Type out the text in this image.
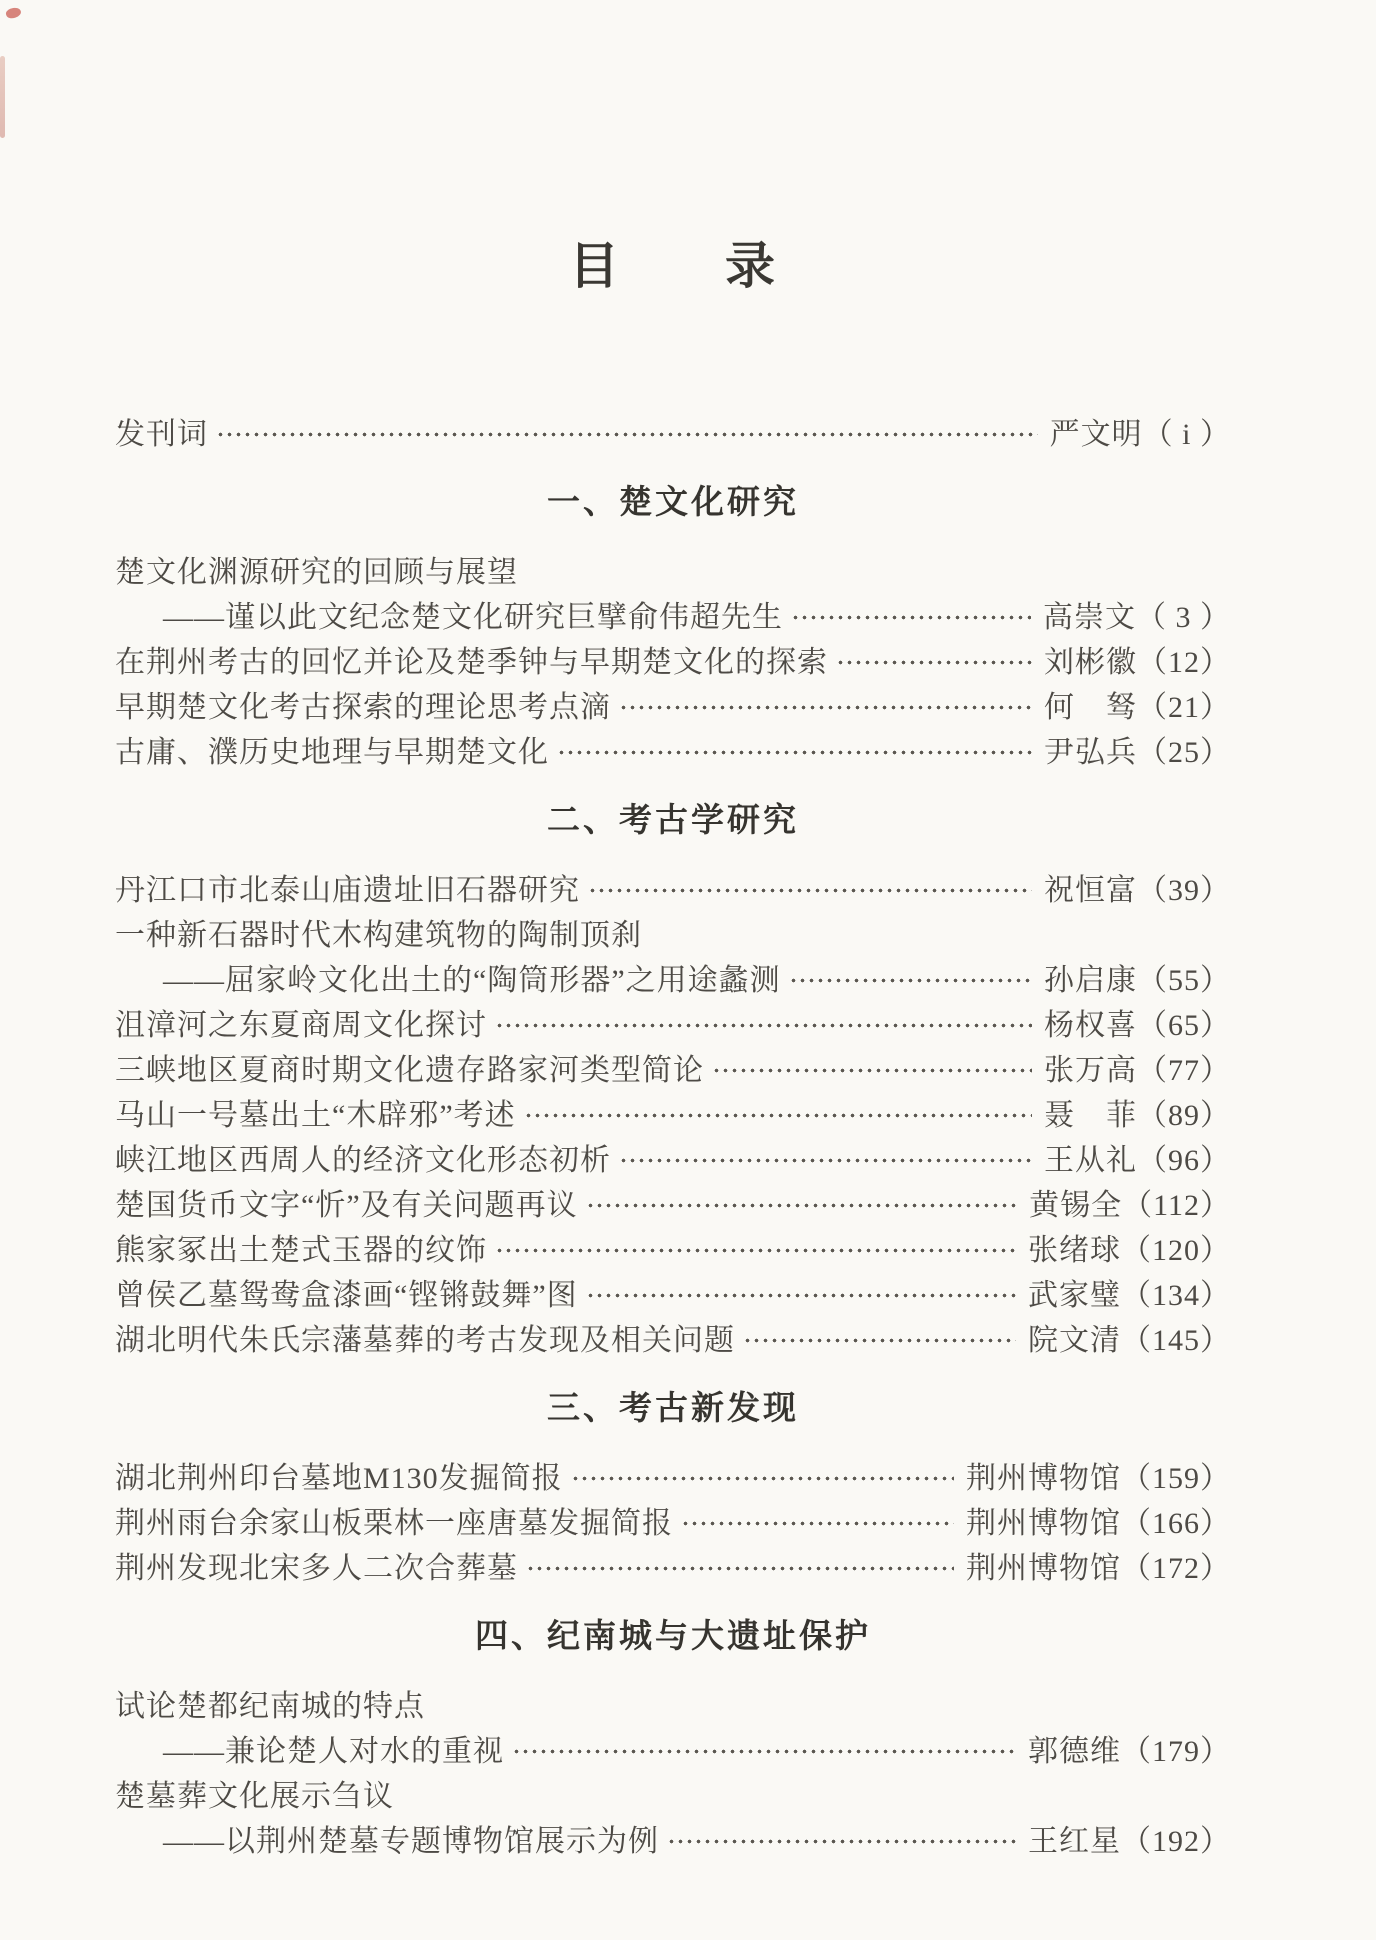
目　　录
发刊词	严文明（ i ）
一、楚文化研究
楚文化渊源研究的回顾与展望
——谨以此文纪念楚文化研究巨擘俞伟超先生	高崇文（ 3 ）
在荆州考古的回忆并论及楚季钟与早期楚文化的探索	刘彬徽（12）
早期楚文化考古探索的理论思考点滴	何　驽（21）
古庸、濮历史地理与早期楚文化	尹弘兵（25）
二、考古学研究
丹江口市北泰山庙遗址旧石器研究	祝恒富（39）
一种新石器时代木构建筑物的陶制顶刹
——屈家岭文化出土的“陶筒形器”之用途蠡测	孙启康（55）
沮漳河之东夏商周文化探讨	杨权喜（65）
三峡地区夏商时期文化遗存路家河类型简论	张万高（77）
马山一号墓出土“木辟邪”考述	聂　菲（89）
峡江地区西周人的经济文化形态初析	王从礼（96）
楚国货币文字“忻”及有关问题再议	黄锡全（112）
熊家冢出土楚式玉器的纹饰	张绪球（120）
曾侯乙墓鸳鸯盒漆画“铿锵鼓舞”图	武家璧（134）
湖北明代朱氏宗藩墓葬的考古发现及相关问题	院文清（145）
三、考古新发现
湖北荆州印台墓地M130发掘简报	荆州博物馆（159）
荆州雨台余家山板栗林一座唐墓发掘简报	荆州博物馆（166）
荆州发现北宋多人二次合葬墓	荆州博物馆（172）
四、纪南城与大遗址保护
试论楚都纪南城的特点
——兼论楚人对水的重视	郭德维（179）
楚墓葬文化展示刍议
——以荆州楚墓专题博物馆展示为例	王红星（192）
